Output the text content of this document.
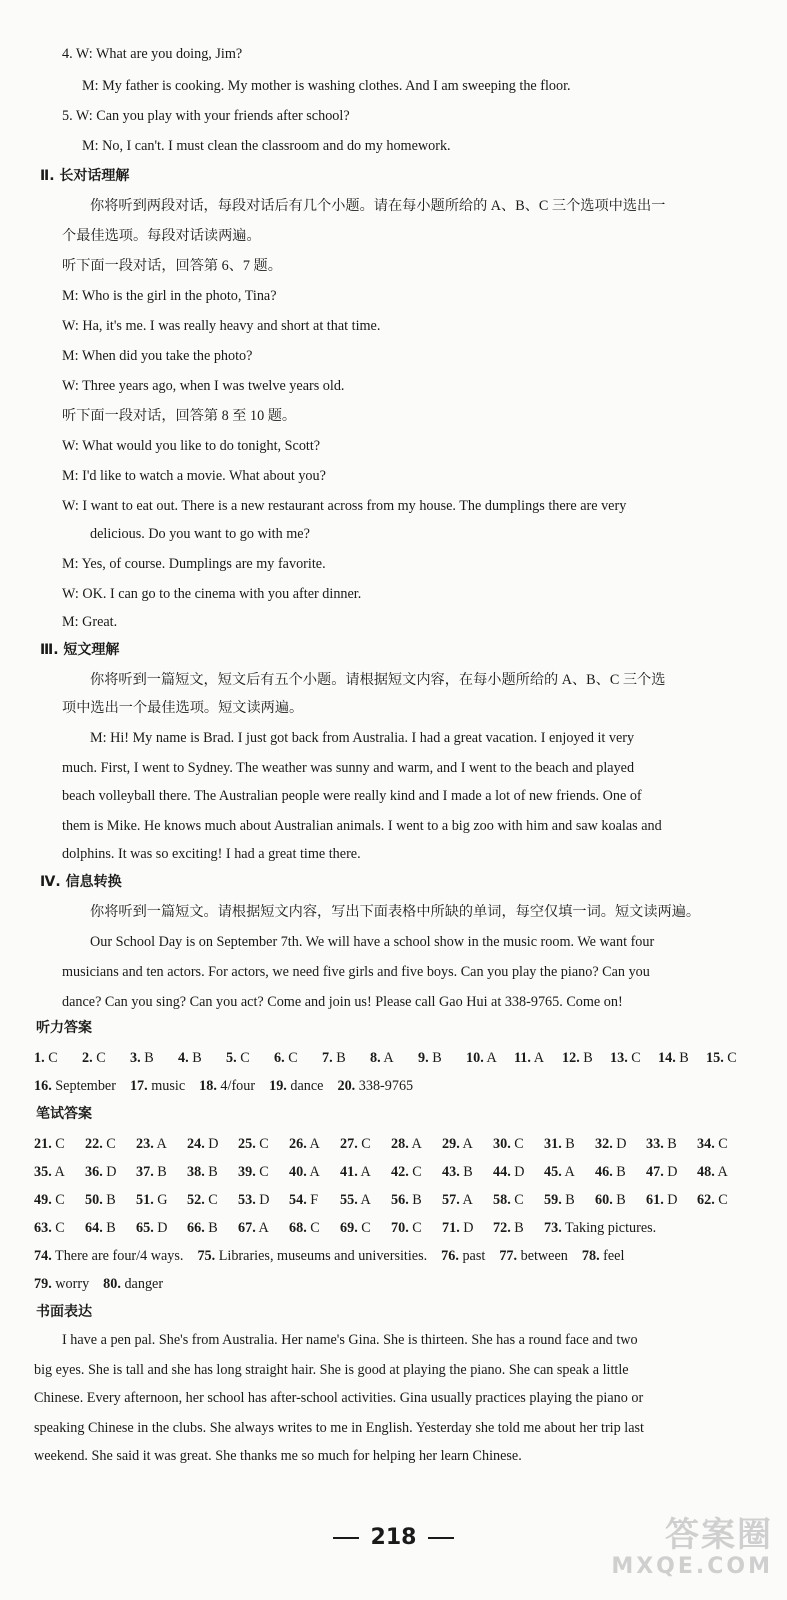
4. W: What are you doing, Jim?
M: My father is cooking. My mother is washing clothes. And I am sweeping the floor.
5. W: Can you play with your friends after school?
M: No, I can't. I must clean the classroom and do my homework.
Ⅱ. 长对话理解
你将听到两段对话，每段对话后有几个小题。请在每小题所给的 A、B、C 三个选项中选出一
个最佳选项。每段对话读两遍。
听下面一段对话，回答第 6、7 题。
M: Who is the girl in the photo, Tina?
W: Ha, it's me. I was really heavy and short at that time.
M: When did you take the photo?
W: Three years ago, when I was twelve years old.
听下面一段对话，回答第 8 至 10 题。
W: What would you like to do tonight, Scott?
M: I'd like to watch a movie. What about you?
W: I want to eat out. There is a new restaurant across from my house. The dumplings there are very
delicious. Do you want to go with me?
M: Yes, of course. Dumplings are my favorite.
W: OK. I can go to the cinema with you after dinner.
M: Great.
Ⅲ. 短文理解
你将听到一篇短文，短文后有五个小题。请根据短文内容，在每小题所给的 A、B、C 三个选
项中选出一个最佳选项。短文读两遍。
M: Hi! My name is Brad. I just got back from Australia. I had a great vacation. I enjoyed it very
much. First, I went to Sydney. The weather was sunny and warm, and I went to the beach and played
beach volleyball there. The Australian people were really kind and I made a lot of new friends. One of
them is Mike. He knows much about Australian animals. I went to a big zoo with him and saw koalas and
dolphins. It was so exciting! I had a great time there.
Ⅳ. 信息转换
你将听到一篇短文。请根据短文内容，写出下面表格中所缺的单词，每空仅填一词。短文读两遍。
Our School Day is on September 7th. We will have a school show in the music room. We want four
musicians and ten actors. For actors, we need five girls and five boys. Can you play the piano? Can you
dance? Can you sing? Can you act? Come and join us! Please call Gao Hui at 338-9765. Come on!
听力答案
1. C 2. C 3. B 4. B 5. C 6. C 7. B 8. A 9. B 10. A 11. A 12. B 13. C 14. B 15. C
16. September 17. music 18. 4/four 19. dance 20. 338-9765
笔试答案
21. C 22. C 23. A 24. D 25. C 26. A 27. C 28. A 29. A 30. C 31. B 32. D 33. B 34. C
35. A 36. D 37. B 38. B 39. C 40. A 41. A 42. C 43. B 44. D 45. A 46. B 47. D 48. A
49. C 50. B 51. G 52. C 53. D 54. F 55. A 56. B 57. A 58. C 59. B 60. B 61. D 62. C
63. C 64. B 65. D 66. B 67. A 68. C 69. C 70. C 71. D 72. B 73. Taking pictures.
74. There are four/4 ways. 75. Libraries, museums and universities. 76. past 77. between 78. feel
79. worry 80. danger
书面表达
I have a pen pal. She's from Australia. Her name's Gina. She is thirteen. She has a round face and two
big eyes. She is tall and she has long straight hair. She is good at playing the piano. She can speak a little
Chinese. Every afternoon, her school has after-school activities. Gina usually practices playing the piano or
speaking Chinese in the clubs. She always writes to me in English. Yesterday she told me about her trip last
weekend. She said it was great. She thanks me so much for helping her learn Chinese.
218	答案圈
MXQE.COM
